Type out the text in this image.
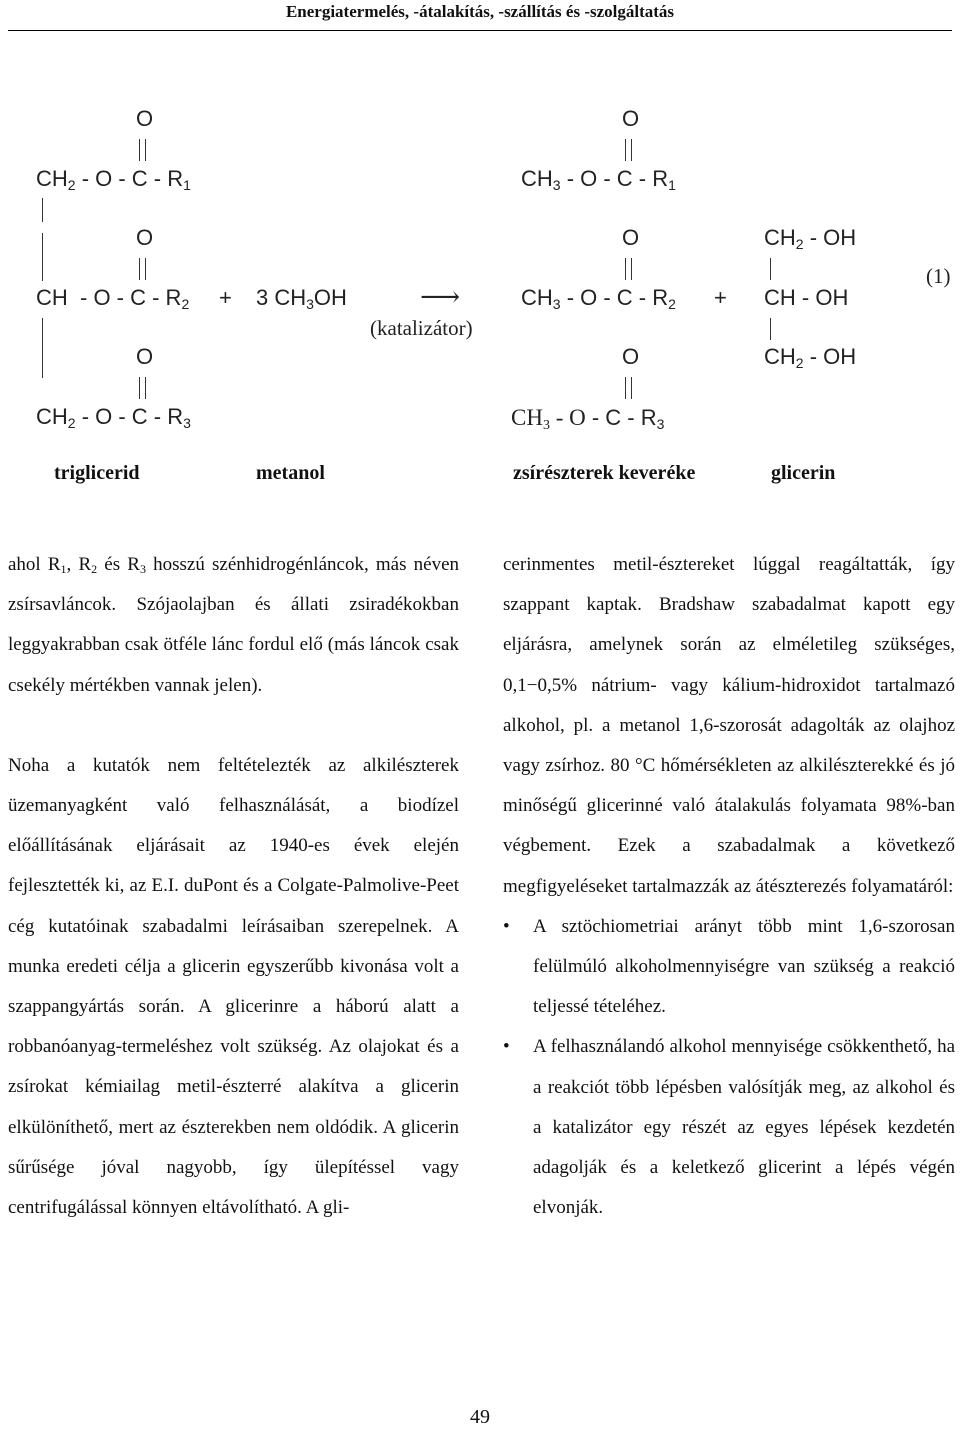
Energiatermelés, -átalakítás, -szállítás és -szolgáltatás
O
$CH_2$ - O - C - $R_1$
O
CH  - O - C - $R_2$
O
$CH_2$ - O - C - $R_3$
+ 3 $CH_3OH$	⟶
(katalizátor)
O
$CH_3$ - O - C - $R_1$
O
$CH_3$ - O - C - $R_2$
O
$CH_3$ - O - C - $R_3$
+
$CH_2$ - OH
CH - OH
$CH_2$ - OH
(1)
triglicerid	metanol	zsírészterek keveréke	glicerin

ahol $R_1$, $R_2$ és $R_3$ hosszú szénhidrogénláncok, más néven zsírsavláncok. Szójaolajban és állati zsiradékokban leggyakrabban csak ötféle lánc fordul elő (más láncok csak csekély mértékben vannak jelen).

Noha a kutatók nem feltételezték az alkilészterek üzemanyagként való felhasználását, a biodízel előállításának eljárásait az 1940-es évek elején fejlesztették ki, az E.I. duPont és a Colgate-Palmolive-Peet cég kutatóinak szabadalmi leírásaiban szerepelnek. A munka eredeti célja a glicerin egyszerűbb kivonása volt a szappangyártás során. A glicerinre a háború alatt a robbanóanyag-termeléshez volt szükség. Az olajokat és a zsírokat kémiailag metil-észterré alakítva a glicerin elkülöníthető, mert az észterekben nem oldódik. A glicerin sűrűsége jóval nagyobb, így ülepítéssel vagy centrifugálással könnyen eltávolítható. A gli-

cerinmentes metil-észtereket lúggal reagáltatták, így szappant kaptak. Bradshaw szabadalmat kapott egy eljárásra, amelynek során az elméletileg szükséges, 0,1−0,5% nátrium- vagy kálium-hidroxidot tartalmazó alkohol, pl. a metanol 1,6-szorosát adagolták az olajhoz vagy zsírhoz. 80 °C hőmérsékleten az alkilészterekké és jó minőségű glicerinné való átalakulás folyamata 98%-ban végbement. Ezek a szabadalmak a következő megfigyeléseket tartalmazzák az átészterezés folyamatáról:

• A sztöchiometriai arányt több mint 1,6-szorosan felülmúló alkoholmennyiségre van szükség a reakció teljessé tételéhez.
• A felhasználandó alkohol mennyisége csökkenthető, ha a reakciót több lépésben valósítják meg, az alkohol és a katalizátor egy részét az egyes lépések kezdetén adagolják és a keletkező glicerint a lépés végén elvonják.
49
